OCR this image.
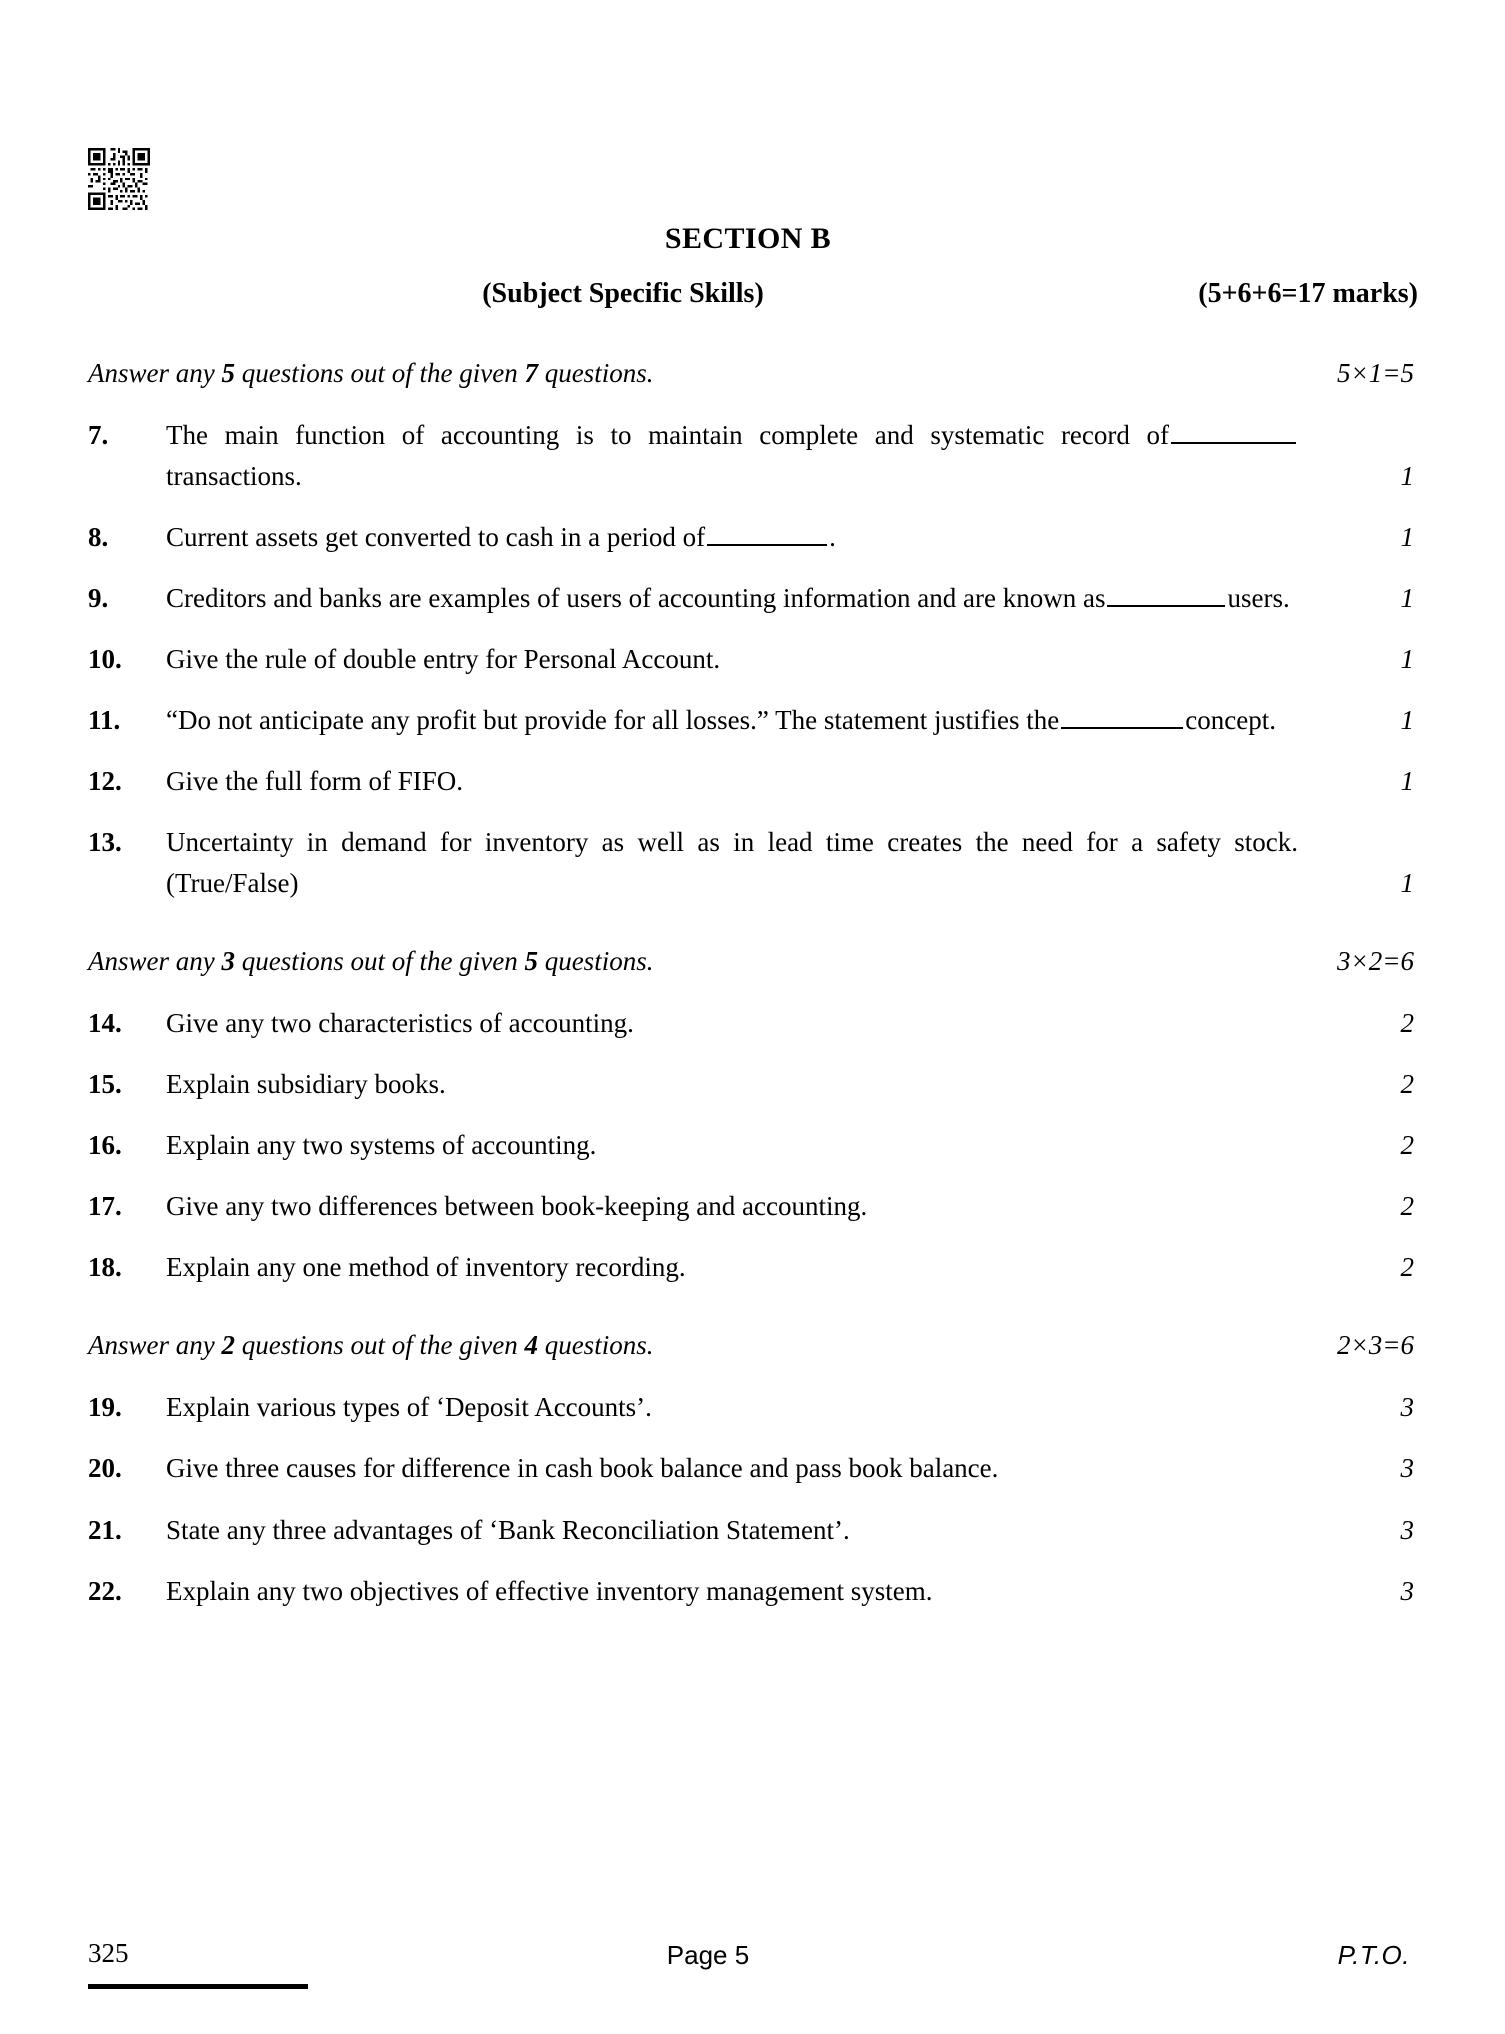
SECTION B
(Subject Specific Skills)	(5+6+6=17 marks)
Answer any 5 questions out of the given 7 questions.	5×1=5
7.	The main function of accounting is to maintain complete and systematic record oftransactions.	1
8.	Current assets get converted to cash in a period of	.	1
9.	Creditors and banks are examples of users of accounting information and are known as	users.	1
10.	Give the rule of double entry for Personal Account.	1
11.	“Do not anticipate any profit but provide for all losses.” The statement justifies the	concept.	1
12.	Give the full form of FIFO.	1
13.	Uncertainty in demand for inventory as well as in lead time creates the need for a safety stock. (True/False)	1
Answer any 3 questions out of the given 5 questions.	3×2=6
14.	Give any two characteristics of accounting.	2
15.	Explain subsidiary books.	2
16.	Explain any two systems of accounting.	2
17.	Give any two differences between book-keeping and accounting.	2
18.	Explain any one method of inventory recording.	2
Answer any 2 questions out of the given 4 questions.	2×3=6
19.	Explain various types of ‘Deposit Accounts’.	3
20.	Give three causes for difference in cash book balance and pass book balance.	3
21.	State any three advantages of ‘Bank Reconciliation Statement’.	3
22.	Explain any two objectives of effective inventory management system.	3
325	Page 5	P.T.O.
